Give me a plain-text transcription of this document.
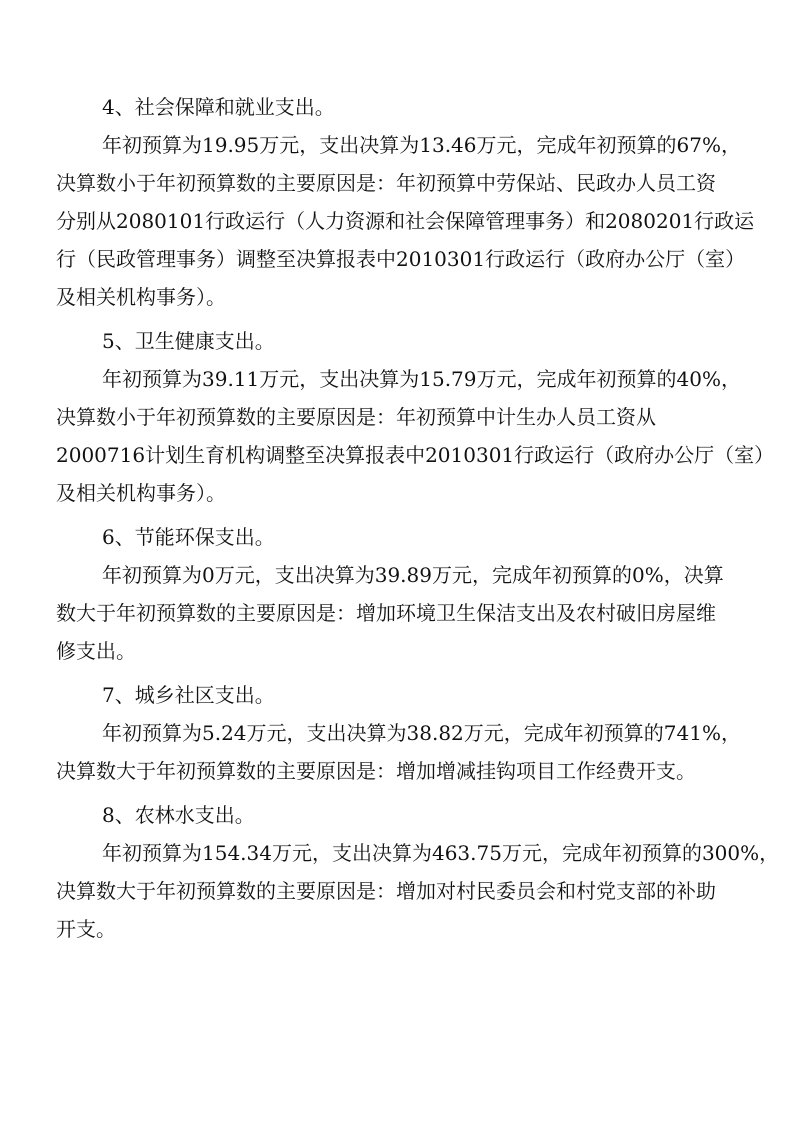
4、社会保障和就业支出。

年初预算为19.95万元，支出决算为13.46万元，完成年初预算的67%，
决算数小于年初预算数的主要原因是：年初预算中劳保站、民政办人员工资
分别从2080101行政运行（人力资源和社会保障管理事务）和2080201行政运
行（民政管理事务）调整至决算报表中2010301行政运行（政府办公厅（室）
及相关机构事务）。

5、卫生健康支出。

年初预算为39.11万元，支出决算为15.79万元，完成年初预算的40%，
决算数小于年初预算数的主要原因是：年初预算中计生办人员工资从
2000716计划生育机构调整至决算报表中2010301行政运行（政府办公厅（室）
及相关机构事务）。

6、节能环保支出。

年初预算为0万元，支出决算为39.89万元，完成年初预算的0%，决算
数大于年初预算数的主要原因是：增加环境卫生保洁支出及农村破旧房屋维
修支出。

7、城乡社区支出。

年初预算为5.24万元，支出决算为38.82万元，完成年初预算的741%，
决算数大于年初预算数的主要原因是：增加增减挂钩项目工作经费开支。

8、农林水支出。

年初预算为154.34万元，支出决算为463.75万元，完成年初预算的300%，
决算数大于年初预算数的主要原因是：增加对村民委员会和村党支部的补助
开支。
